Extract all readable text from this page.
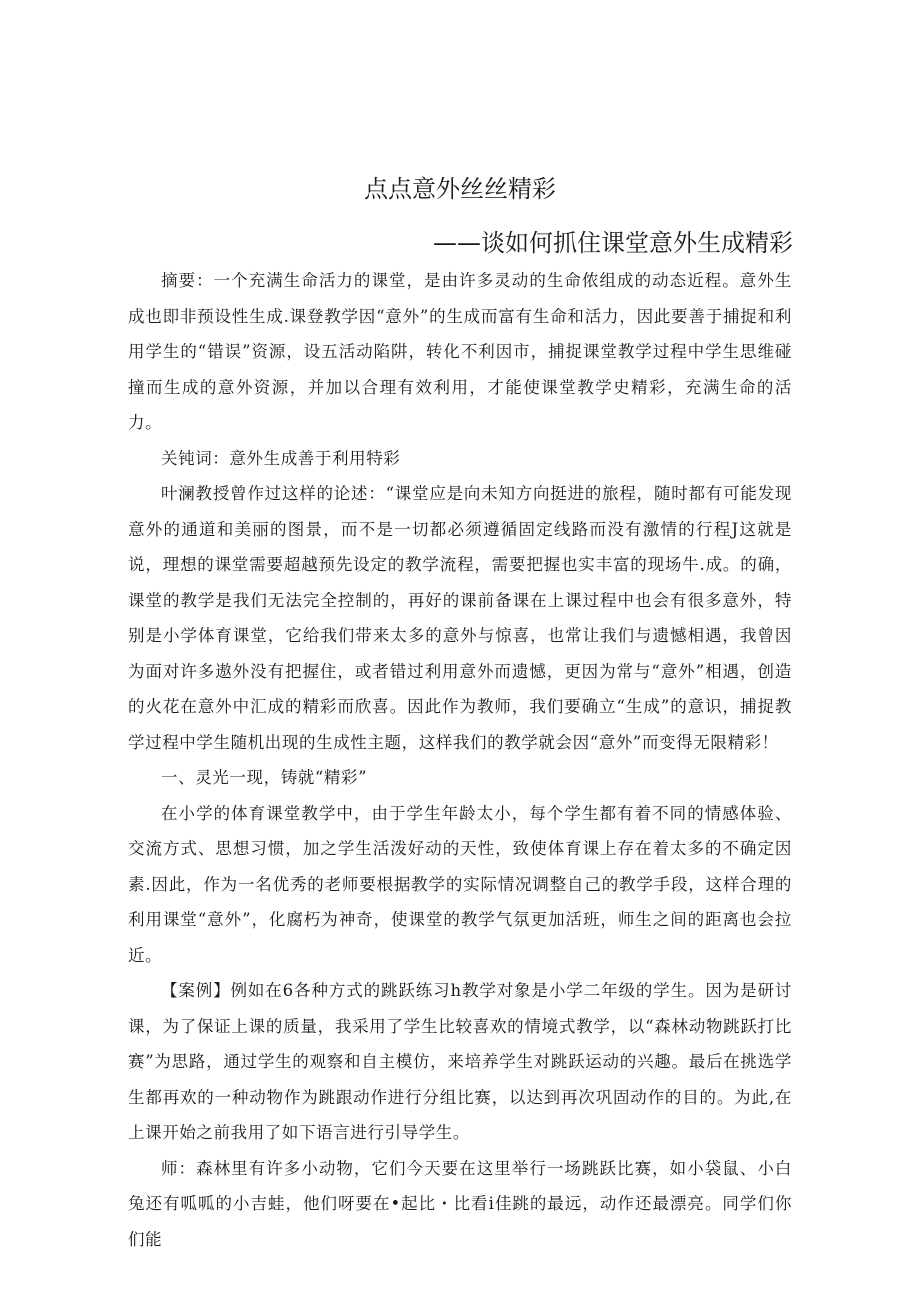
点点意外丝丝精彩
——谈如何抓住课堂意外生成精彩

摘要：一个充满生命活力的课堂，是由许多灵动的生命侬组成的动态近程。意外生成也即非预设性生成.课登教学因“意外”的生成而富有生命和活力，因此要善于捕捉和利用学生的“错误”资源，设五活动陷阱，转化不利因市，捕捉课堂教学过程中学生思维碰撞而生成的意外资源，并加以合理有效利用，才能使课堂教学史精彩，充满生命的活力。

关钝词：意外生成善于利用特彩

叶澜教授曾作过这样的论述：“课堂应是向未知方向挺进的旅程，随时都有可能发现意外的通道和美丽的图景，而不是一切都必须遵循固定线路而没有激情的行程J这就是说，理想的课堂需要超越预先设定的教学流程，需要把握也实丰富的现场牛.成。的确，课堂的教学是我们无法完全控制的，再好的课前备课在上课过程中也会有很多意外，特别是小学体育课堂，它给我们带来太多的意外与惊喜，也常让我们与遗憾相遇，我曾因为面对许多遨外没有把握住，或者错过利用意外而遗憾，更因为常与“意外”相遇，创造的火花在意外中汇成的精彩而欣喜。因此作为教师，我们要确立“生成”的意识，捕捉教学过程中学生随机出现的生成性主题，这样我们的教学就会因“意外”而变得无限精彩！

一、灵光一现，铸就“精彩”

在小学的体育课堂教学中，由于学生年龄太小，每个学生都有着不同的情感体验、交流方式、思想习惯，加之学生活泼好动的天性，致使体育课上存在着太多的不确定因素.因此，作为一名优秀的老师要根据教学的实际情况调整自己的教学手段，这样合理的利用课堂“意外”，化腐朽为神奇，使课堂的教学气氛更加活班，师生之间的距离也会拉近。

【案例】例如在6各种方式的跳跃练习h教学对象是小学二年级的学生。因为是研讨课，为了保证上课的质量，我采用了学生比较喜欢的情境式教学，以“森林动物跳跃打比赛”为思路，通过学生的观察和自主模仿，来培养学生对跳跃运动的兴趣。最后在挑选学生都再欢的一种动物作为跳跟动作进行分组比赛，以达到再次巩固动作的目的。为此,在上课开始之前我用了如下语言进行引导学生。

师：森林里有许多小动物，它们今天要在这里举行一场跳跃比赛，如小袋鼠、小白兔还有呱呱的小吉蛙，他们呀要在•起比・比看i佳跳的最远，动作还最漂亮。同学们你们能
